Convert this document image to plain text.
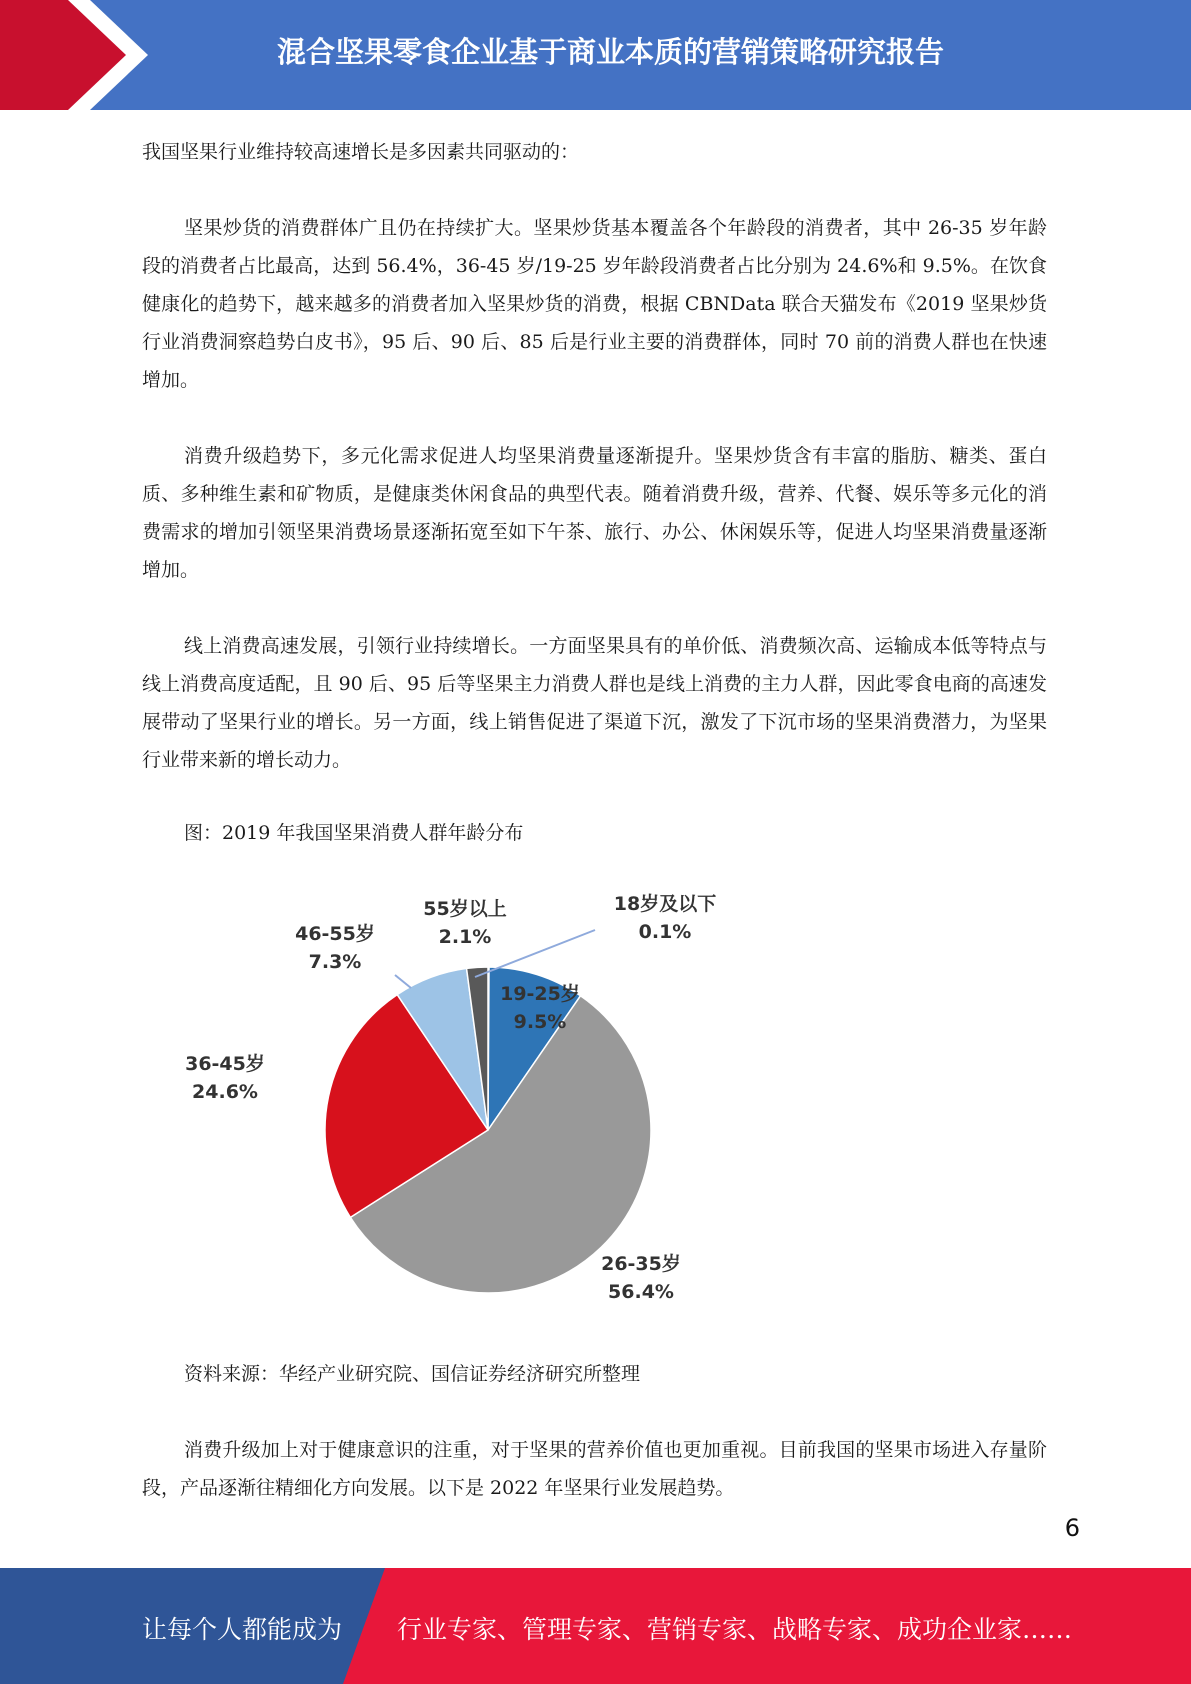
混合坚果零食企业基于商业本质的营销策略研究报告

我国坚果行业维持较高速增长是多因素共同驱动的：

坚果炒货的消费群体广且仍在持续扩大。坚果炒货基本覆盖各个年龄段的消费者，其中 26-35 岁年龄段的消费者占比最高，达到 56.4%，36-45 岁/19-25 岁年龄段消费者占比分别为 24.6%和 9.5%。在饮食健康化的趋势下，越来越多的消费者加入坚果炒货的消费，根据 CBNData 联合天猫发布《2019 坚果炒货行业消费洞察趋势白皮书》，95 后、90 后、85 后是行业主要的消费群体，同时 70 前的消费人群也在快速增加。

消费升级趋势下，多元化需求促进人均坚果消费量逐渐提升。坚果炒货含有丰富的脂肪、糖类、蛋白质、多种维生素和矿物质，是健康类休闲食品的典型代表。随着消费升级，营养、代餐、娱乐等多元化的消费需求的增加引领坚果消费场景逐渐拓宽至如下午茶、旅行、办公、休闲娱乐等，促进人均坚果消费量逐渐增加。

线上消费高速发展，引领行业持续增长。一方面坚果具有的单价低、消费频次高、运输成本低等特点与线上消费高度适配，且 90 后、95 后等坚果主力消费人群也是线上消费的主力人群，因此零食电商的高速发展带动了坚果行业的增长。另一方面，线上销售促进了渠道下沉，激发了下沉市场的坚果消费潜力，为坚果行业带来新的增长动力。

图：2019 年我国坚果消费人群年龄分布
18岁及以下
0.1%
19-25岁
9.5%
26-35岁
56.4%
36-45岁
24.6%
46-55岁
7.3%
55岁以上
2.1%
资料来源：华经产业研究院、国信证券经济研究所整理

消费升级加上对于健康意识的注重，对于坚果的营养价值也更加重视。目前我国的坚果市场进入存量阶段，产品逐渐往精细化方向发展。以下是 2022 年坚果行业发展趋势。

6
让每个人都能成为 行业专家、管理专家、营销专家、战略专家、成功企业家……
